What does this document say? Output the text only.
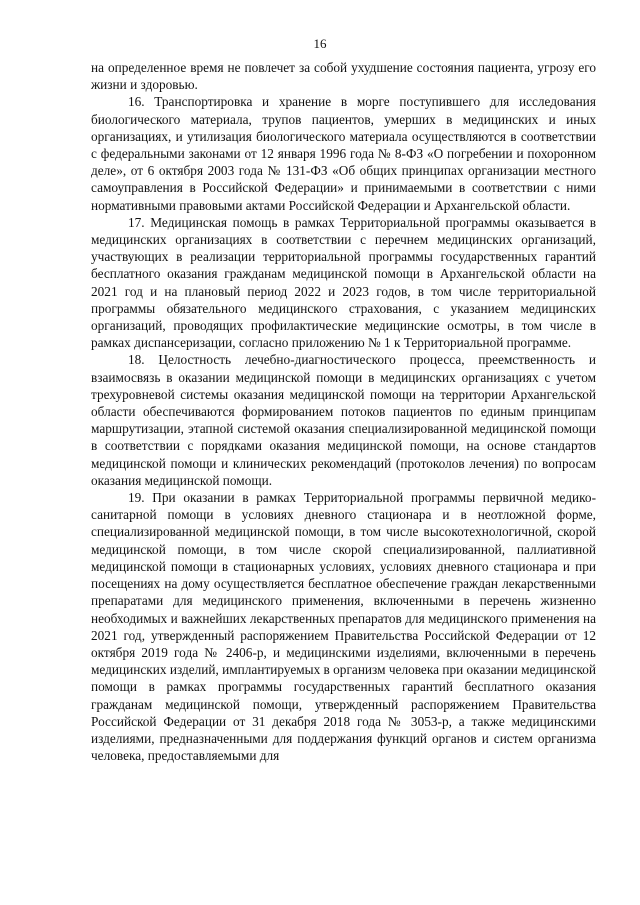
16

на определенное время не повлечет за собой ухудшение состояния пациента, угрозу его жизни и здоровью.

16. Транспортировка и хранение в морге поступившего для исследования биологического материала, трупов пациентов, умерших в медицинских и иных организациях, и утилизация биологического материала осуществляются в соответствии с федеральными законами от 12 января 1996 года № 8-ФЗ «О погребении и похоронном деле», от 6 октября 2003 года № 131-ФЗ «Об общих принципах организации местного самоуправления в Российской Федерации» и принимаемыми в соответствии с ними нормативными правовыми актами Российской Федерации и Архангельской области.

17. Медицинская помощь в рамках Территориальной программы оказывается в медицинских организациях в соответствии с перечнем медицинских организаций, участвующих в реализации территориальной программы государственных гарантий бесплатного оказания гражданам медицинской помощи в Архангельской области на 2021 год и на плановый период 2022 и 2023 годов, в том числе территориальной программы обязательного медицинского страхования, с указанием медицинских организаций, проводящих профилактические медицинские осмотры, в том числе в рамках диспансеризации, согласно приложению № 1 к Территориальной программе.

18. Целостность лечебно-диагностического процесса, преемственность и взаимосвязь в оказании медицинской помощи в медицинских организациях с учетом трехуровневой системы оказания медицинской помощи на территории Архангельской области обеспечиваются формированием потоков пациентов по единым принципам маршрутизации, этапной системой оказания специализированной медицинской помощи в соответствии с порядками оказания медицинской помощи, на основе стандартов медицинской помощи и клинических рекомендаций (протоколов лечения) по вопросам оказания медицинской помощи.

19. При оказании в рамках Территориальной программы первичной медико-санитарной помощи в условиях дневного стационара и в неотложной форме, специализированной медицинской помощи, в том числе высокотехнологичной, скорой медицинской помощи, в том числе скорой специализированной, паллиативной медицинской помощи в стационарных условиях, условиях дневного стационара и при посещениях на дому осуществляется бесплатное обеспечение граждан лекарственными препаратами для медицинского применения, включенными в перечень жизненно необходимых и важнейших лекарственных препаратов для медицинского применения на 2021 год, утвержденный распоряжением Правительства Российской Федерации от 12 октября 2019 года № 2406-р, и медицинскими изделиями, включенными в перечень медицинских изделий, имплантируемых в организм человека при оказании медицинской помощи в рамках программы государственных гарантий бесплатного оказания гражданам медицинской помощи, утвержденный распоряжением Правительства Российской Федерации от 31 декабря 2018 года № 3053-р, а также медицинскими изделиями, предназначенными для поддержания функций органов и систем организма человека, предоставляемыми для
